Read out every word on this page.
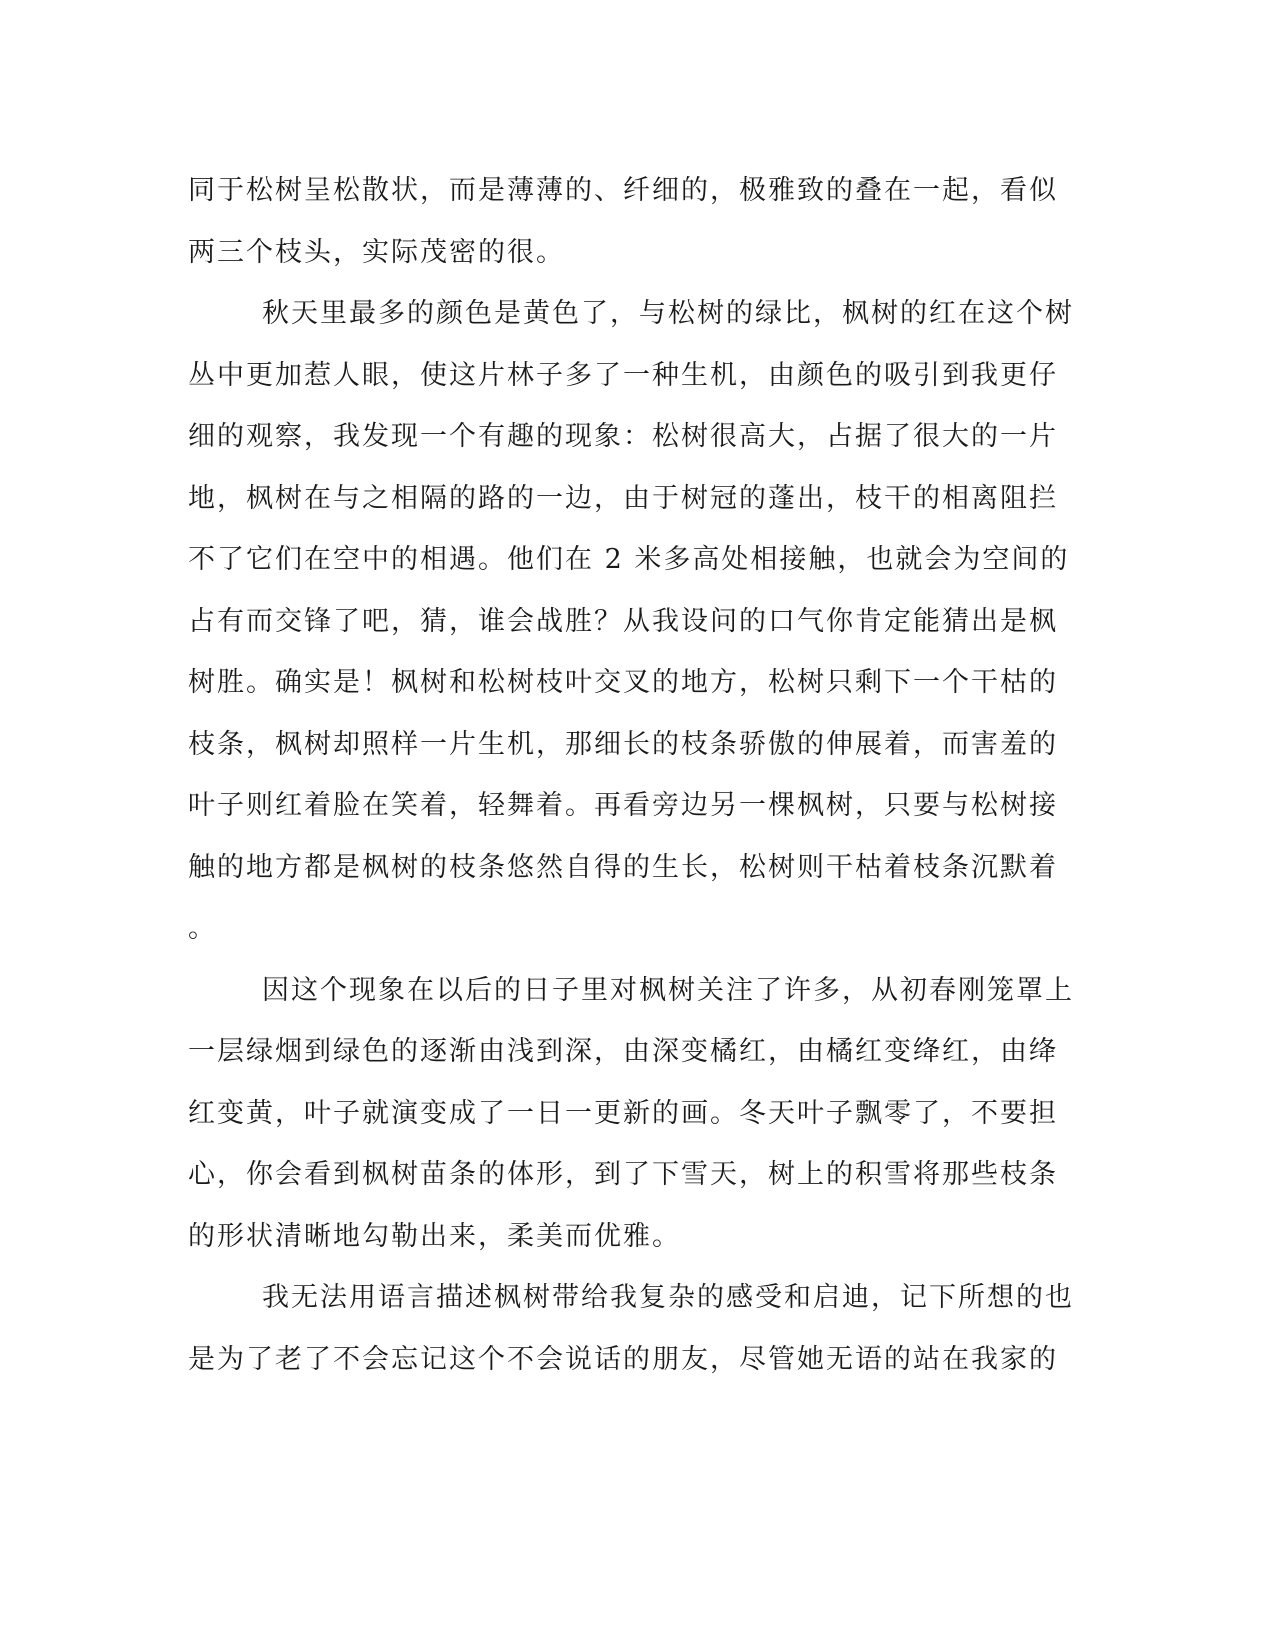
同于松树呈松散状，而是薄薄的、纤细的，极雅致的叠在一起，看似
两三个枝头，实际茂密的很。
秋天里最多的颜色是黄色了，与松树的绿比，枫树的红在这个树
丛中更加惹人眼，使这片林子多了一种生机，由颜色的吸引到我更仔
细的观察，我发现一个有趣的现象：松树很高大，占据了很大的一片
地，枫树在与之相隔的路的一边，由于树冠的蓬出，枝干的相离阻拦
不了它们在空中的相遇。他们在 2 米多高处相接触，也就会为空间的
占有而交锋了吧，猜，谁会战胜？从我设问的口气你肯定能猜出是枫
树胜。确实是！枫树和松树枝叶交叉的地方，松树只剩下一个干枯的
枝条，枫树却照样一片生机，那细长的枝条骄傲的伸展着，而害羞的
叶子则红着脸在笑着，轻舞着。再看旁边另一棵枫树，只要与松树接
触的地方都是枫树的枝条悠然自得的生长，松树则干枯着枝条沉默着
。
因这个现象在以后的日子里对枫树关注了许多，从初春刚笼罩上
一层绿烟到绿色的逐渐由浅到深，由深变橘红，由橘红变绛红，由绛
红变黄，叶子就演变成了一日一更新的画。冬天叶子飘零了，不要担
心，你会看到枫树苗条的体形，到了下雪天，树上的积雪将那些枝条
的形状清晰地勾勒出来，柔美而优雅。
我无法用语言描述枫树带给我复杂的感受和启迪，记下所想的也
是为了老了不会忘记这个不会说话的朋友，尽管她无语的站在我家的
